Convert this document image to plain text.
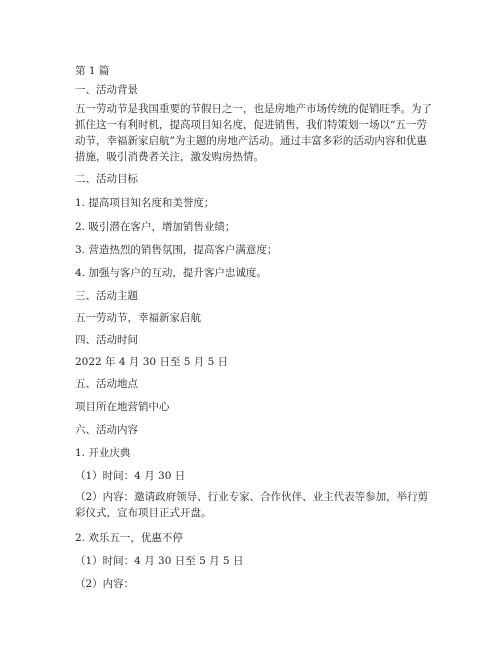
第 1 篇
一、活动背景
五一劳动节是我国重要的节假日之一，也是房地产市场传统的促销旺季。为了抓住这一有利时机，提高项目知名度，促进销售，我们特策划一场以“五一劳动节，幸福新家启航”为主题的房地产活动。通过丰富多彩的活动内容和优惠措施，吸引消费者关注，激发购房热情。
二、活动目标
1. 提高项目知名度和美誉度；
2. 吸引潜在客户，增加销售业绩；
3. 营造热烈的销售氛围，提高客户满意度；
4. 加强与客户的互动，提升客户忠诚度。
三、活动主题
五一劳动节，幸福新家启航
四、活动时间
2022 年 4 月 30 日至 5 月 5 日
五、活动地点
项目所在地营销中心
六、活动内容
1. 开业庆典
（1）时间：4 月 30 日
（2）内容：邀请政府领导、行业专家、合作伙伴、业主代表等参加，举行剪彩仪式，宣布项目正式开盘。
2. 欢乐五一，优惠不停
（1）时间：4 月 30 日至 5 月 5 日
（2）内容：
